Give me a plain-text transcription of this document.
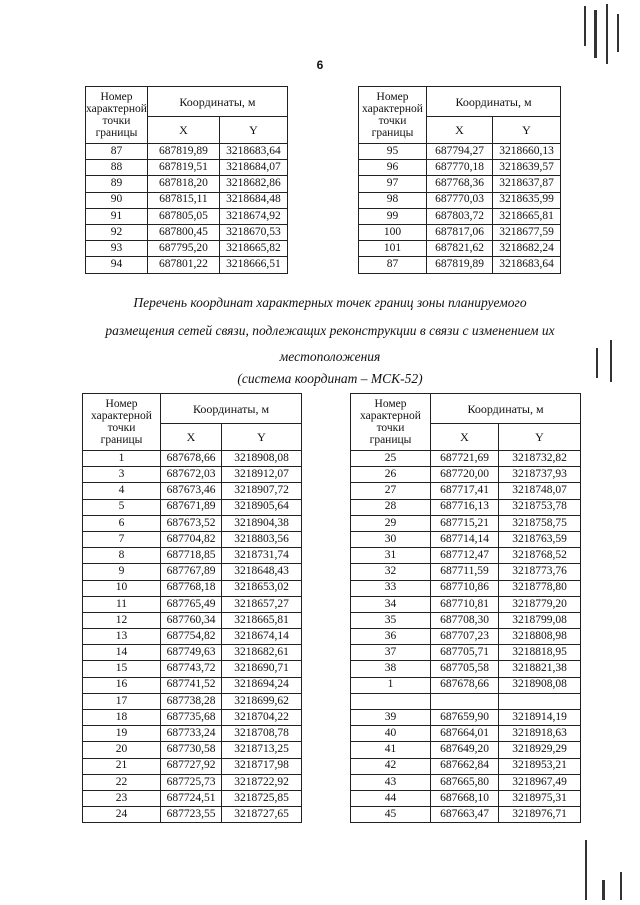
6
Номер
характерной
точки
границы	Координаты, м	
	X	Y
87	687819,89	3218683,64
88	687819,51	3218684,07
89	687818,20	3218682,86
90	687815,11	3218684,48
91	687805,05	3218674,92
92	687800,45	3218670,53
93	687795,20	3218665,82
94	687801,22	3218666,51
Номер
характерной
точки
границы	Координаты, м	
	X	Y
95	687794,27	3218660,13
96	687770,18	3218639,57
97	687768,36	3218637,87
98	687770,03	3218635,99
99	687803,72	3218665,81
100	687817,06	3218677,59
101	687821,62	3218682,24
87	687819,89	3218683,64
Перечень координат характерных точек границ зоны планируемого
размещения сетей связи, подлежащих реконструкции в связи с изменением их
местоположения
(система координат – МСК-52)
Номер
характерной
точки
границы	Координаты, м	
	X	Y
1	687678,66	3218908,08
3	687672,03	3218912,07
4	687673,46	3218907,72
5	687671,89	3218905,64
6	687673,52	3218904,38
7	687704,82	3218803,56
8	687718,85	3218731,74
9	687767,89	3218648,43
10	687768,18	3218653,02
11	687765,49	3218657,27
12	687760,34	3218665,81
13	687754,82	3218674,14
14	687749,63	3218682,61
15	687743,72	3218690,71
16	687741,52	3218694,24
17	687738,28	3218699,62
18	687735,68	3218704,22
19	687733,24	3218708,78
20	687730,58	3218713,25
21	687727,92	3218717,98
22	687725,73	3218722,92
23	687724,51	3218725,85
24	687723,55	3218727,65
Номер
характерной
точки
границы	Координаты, м	
	X	Y
25	687721,69	3218732,82
26	687720,00	3218737,93
27	687717,41	3218748,07
28	687716,13	3218753,78
29	687715,21	3218758,75
30	687714,14	3218763,59
31	687712,47	3218768,52
32	687711,59	3218773,76
33	687710,86	3218778,80
34	687710,81	3218779,20
35	687708,30	3218799,08
36	687707,23	3218808,98
37	687705,71	3218818,95
38	687705,58	3218821,38
1	687678,66	3218908,08

39	687659,90	3218914,19
40	687664,01	3218918,63
41	687649,20	3218929,29
42	687662,84	3218953,21
43	687665,80	3218967,49
44	687668,10	3218975,31
45	687663,47	3218976,71
